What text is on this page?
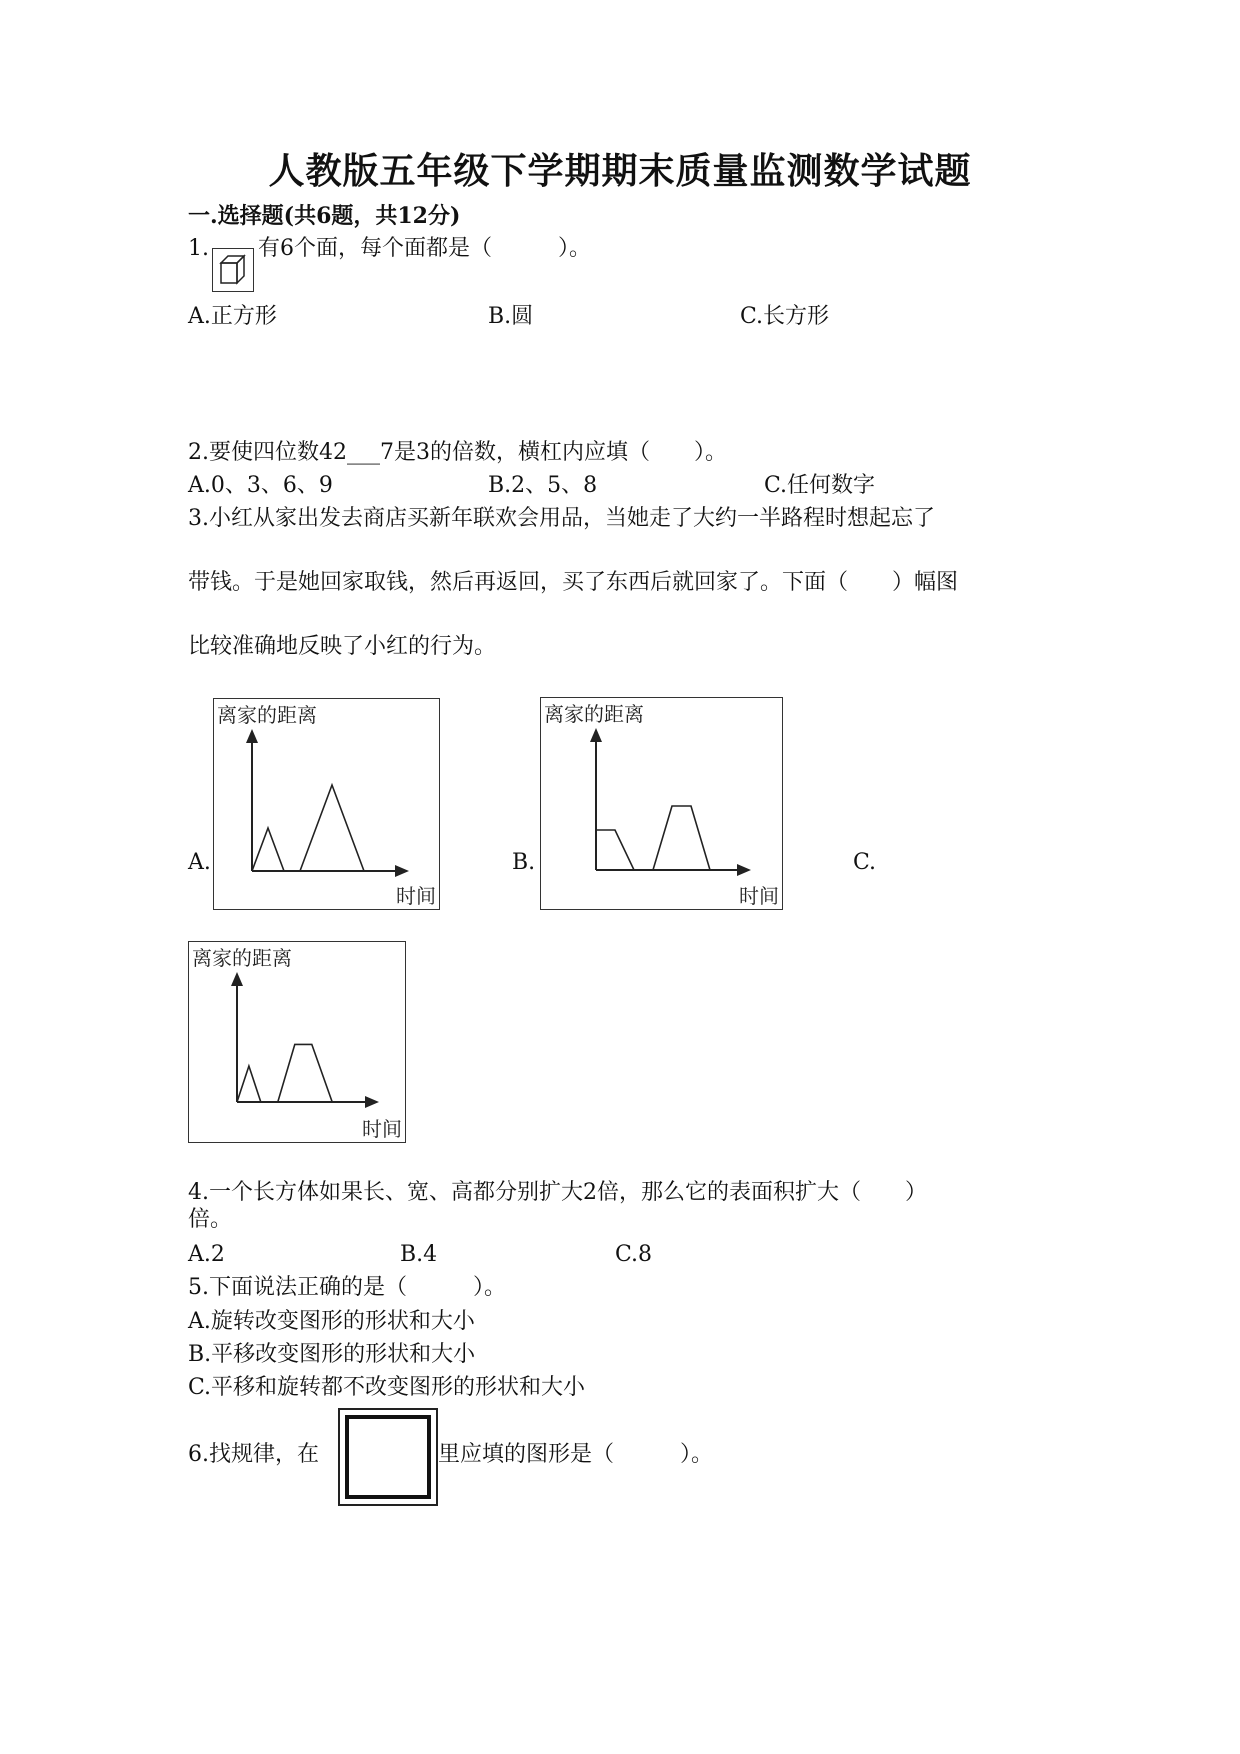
人教版五年级下学期期末质量监测数学试题
一.选择题(共6题，共12分)
1. 有6个面，每个面都是（　　　）。
A.正方形	B.圆	C.长方形
2.要使四位数42___7是3的倍数，横杠内应填（　　）。
A.0、3、6、9	B.2、5、8	C.任何数字
3.小红从家出发去商店买新年联欢会用品，当她走了大约一半路程时想起忘了
带钱。于是她回家取钱，然后再返回，买了东西后就回家了。下面（　　）幅图
比较准确地反映了小红的行为。
A.	B.	C.
离家的距离
时间
离家的距离
时间
离家的距离
时间
4.一个长方体如果长、宽、高都分别扩大2倍，那么它的表面积扩大（　　）
倍。
A.2	B.4	C.8
5.下面说法正确的是（　　　）。
A.旋转改变图形的形状和大小
B.平移改变图形的形状和大小
C.平移和旋转都不改变图形的形状和大小
6.找规律，在	里应填的图形是（　　　）。
